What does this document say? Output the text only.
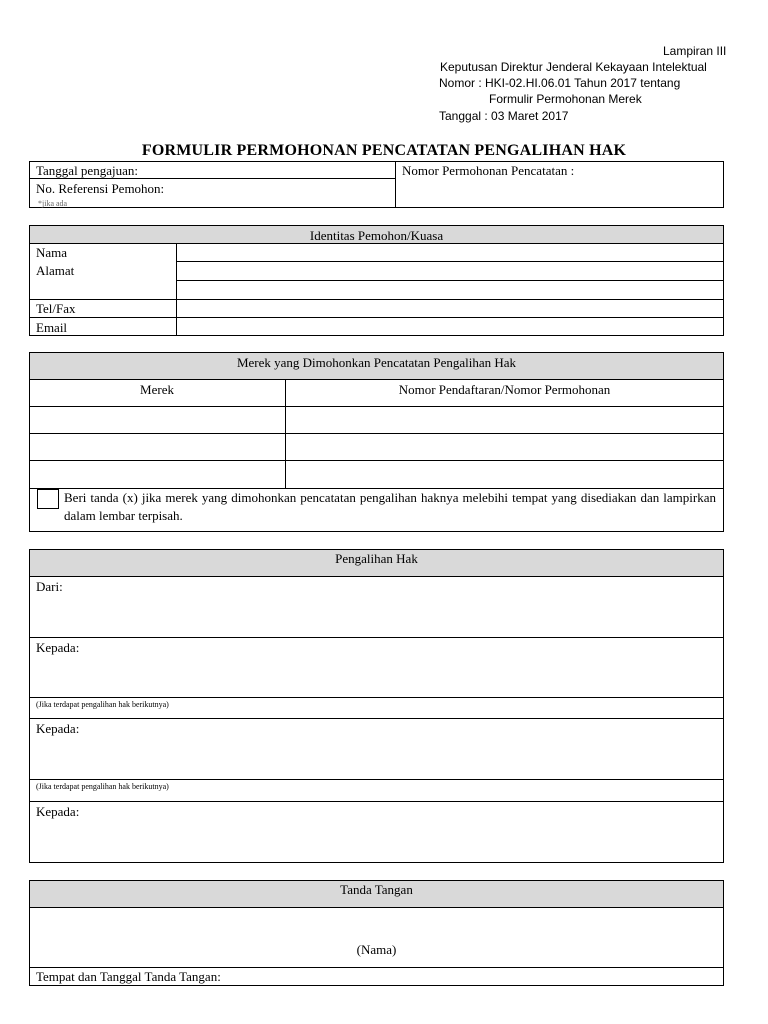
Lampiran III
Keputusan Direktur Jenderal Kekayaan Intelektual
Nomor : HKI-02.HI.06.01 Tahun 2017 tentang
Formulir Permohonan Merek
Tanggal : 03 Maret 2017
FORMULIR PERMOHONAN PENCATATAN PENGALIHAN HAK
Tanggal pengajuan:
No. Referensi Pemohon:
*jika ada
Nomor Permohonan Pencatatan :
Identitas Pemohon/Kuasa
Nama
Alamat
Tel/Fax
Email
Merek yang Dimohonkan Pencatatan Pengalihan Hak
Merek	Nomor Pendaftaran/Nomor Permohonan
Beri tanda (x) jika merek yang dimohonkan pencatatan pengalihan haknya melebihi tempat yang disediakan dan lampirkan dalam lembar terpisah.
Pengalihan Hak
Dari:
Kepada:
(Jika terdapat pengalihan hak berikutnya)
Kepada:
(Jika terdapat pengalihan hak berikutnya)
Kepada:
Tanda Tangan
(Nama)
Tempat dan Tanggal Tanda Tangan:
